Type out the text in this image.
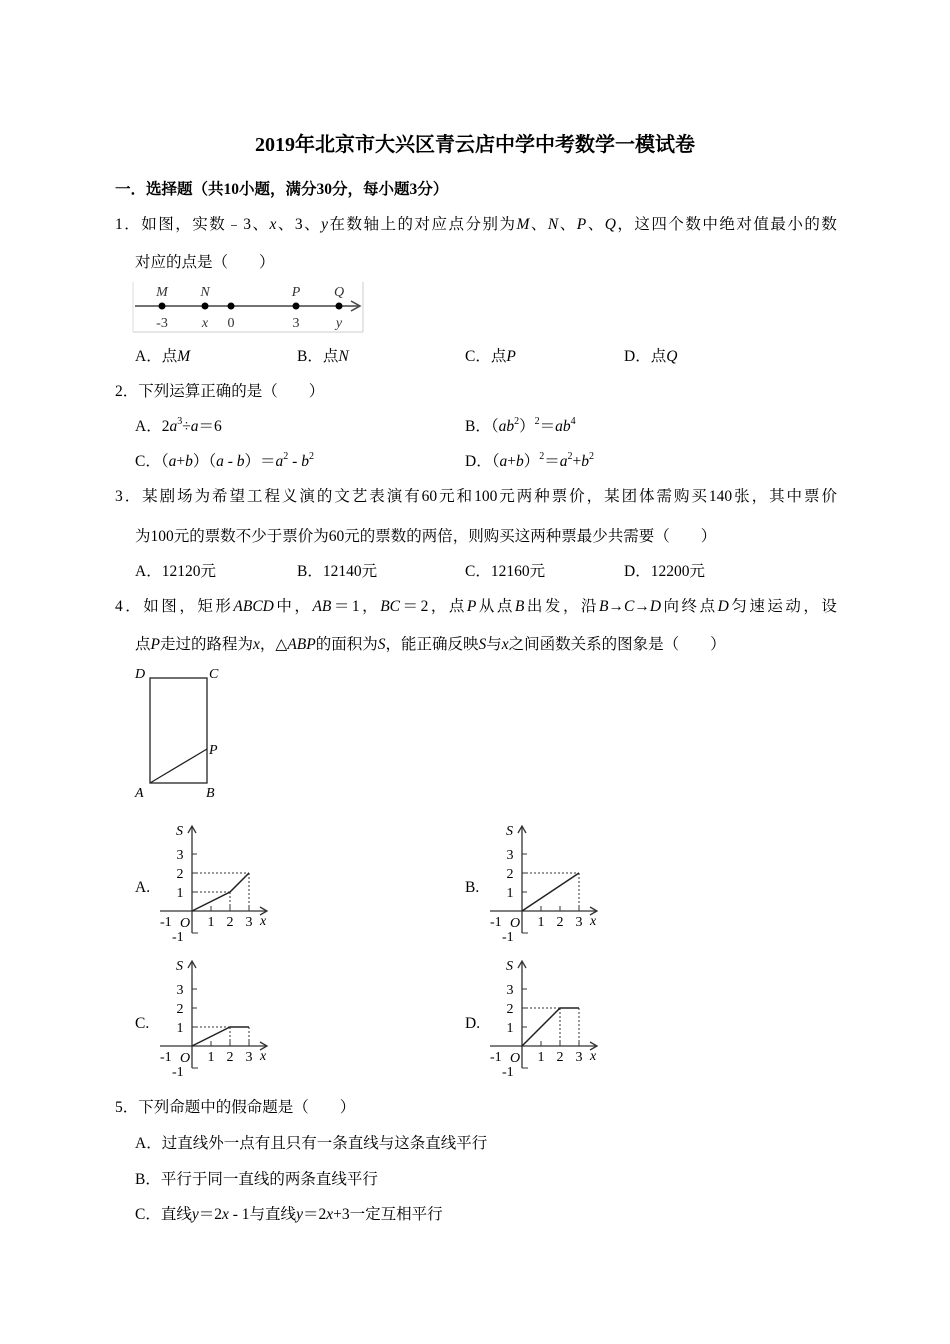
2019年北京市大兴区青云店中学中考数学一模试卷
一．选择题（共10小题，满分30分，每小题3分）
1．如图，实数﹣3、x、3、y在数轴上的对应点分别为M、N、P、Q，这四个数中绝对值最小的数
对应的点是（　　）
M
-3
N
x 0
P
3
Q
y
A．点M	B．点N	C．点P	D．点Q
2．下列运算正确的是（　　）
A．$2a^3\div a=6$	B．$(ab^2)^2=ab^4$
C．$(a+b)(a - b)=a^2 - b^2$	D．$(a+b)^2=a^2+b^2$
3．某剧场为希望工程义演的文艺表演有60元和100元两种票价，某团体需购买140张，其中票价
为100元的票数不少于票价为60元的票数的两倍，则购买这两种票最少共需要（　　）
A．12120元	B．12140元	C．12160元	D．12200元
4．如图，矩形ABCD中，AB＝1，BC＝2，点P从点B出发，沿B→C→D向终点D匀速运动，设
点P走过的路程为x，△ABP的面积为S，能正确反映S与x之间函数关系的图象是（　　）
D	C
P
A	B
A.	B.
C.	D.
1
2
3
1 2 3
-1 O
-1
S
x
1
2
3
1 2 3
-1 O
-1
S
x
1
2
3
1 2 3
-1 O
-1
S
x
1
2
3
1 2 3
-1 O
-1
S
x
5．下列命题中的假命题是（　　）
A．过直线外一点有且只有一条直线与这条直线平行
B．平行于同一直线的两条直线平行
C．直线y＝2x - 1与直线y＝2x+3一定互相平行
